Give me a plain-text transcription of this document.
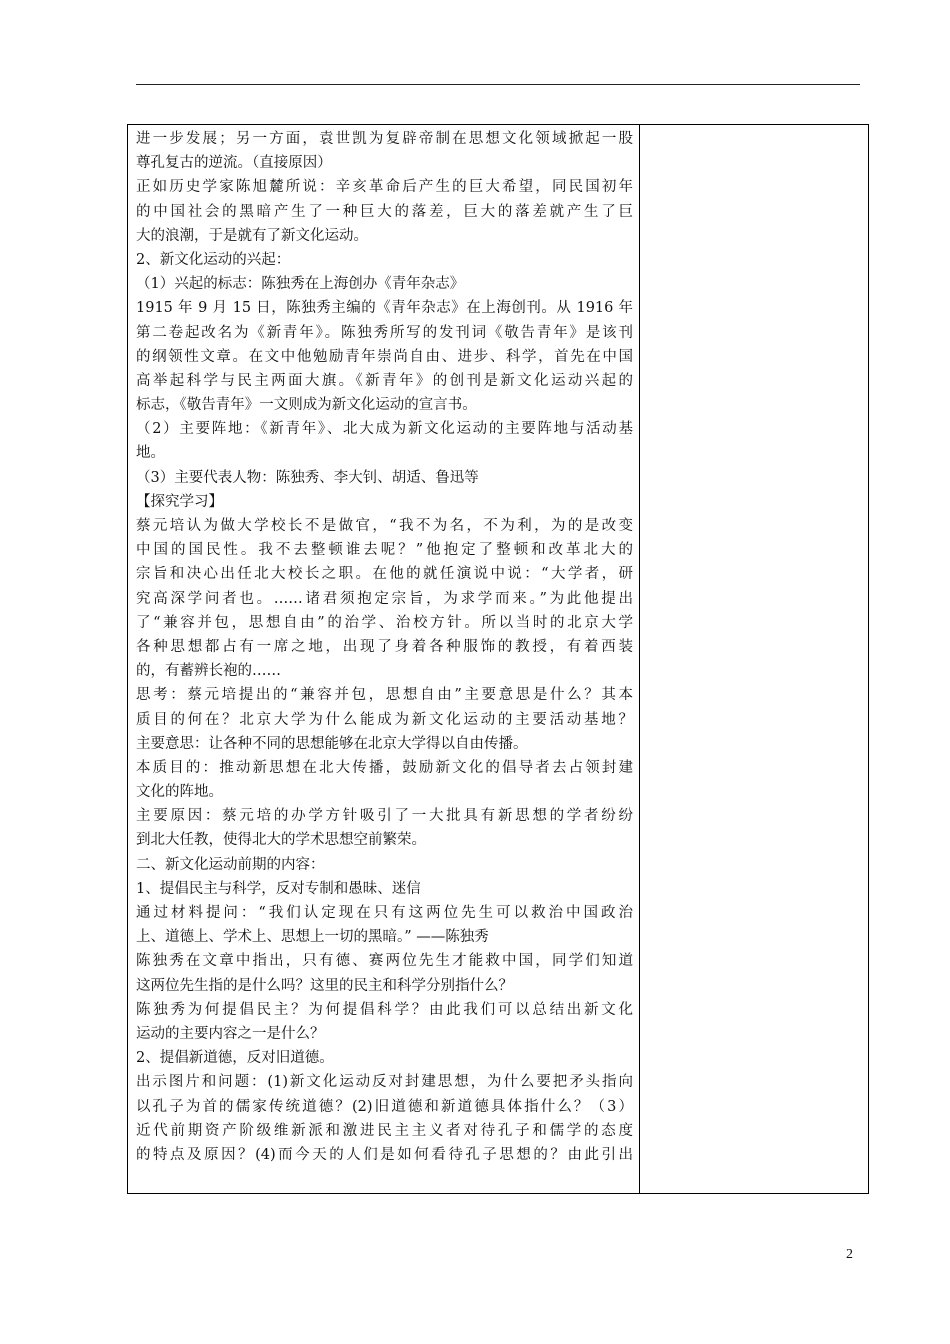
进一步发展；另一方面，袁世凯为复辟帝制在思想文化领域掀起一股
尊孔复古的逆流。（直接原因）
正如历史学家陈旭麓所说：辛亥革命后产生的巨大希望，同民国初年
的中国社会的黑暗产生了一种巨大的落差，巨大的落差就产生了巨
大的浪潮，于是就有了新文化运动。
2、新文化运动的兴起：
（1）兴起的标志：陈独秀在上海创办《青年杂志》
1915 年 9 月 15 日，陈独秀主编的《青年杂志》在上海创刊。从 1916 年
第二卷起改名为《新青年》。陈独秀所写的发刊词《敬告青年》是该刊
的纲领性文章。在文中他勉励青年崇尚自由、进步、科学，首先在中国
高举起科学与民主两面大旗。《新青年》的创刊是新文化运动兴起的
标志，《敬告青年》一文则成为新文化运动的宣言书。
（2）主要阵地：《新青年》、北大成为新文化运动的主要阵地与活动基
地。
（3）主要代表人物：陈独秀、李大钊、胡适、鲁迅等
【探究学习】
蔡元培认为做大学校长不是做官，“我不为名，不为利，为的是改变
中国的国民性。我不去整顿谁去呢？”他抱定了整顿和改革北大的
宗旨和决心出任北大校长之职。在他的就任演说中说：“大学者，研
究高深学问者也。……诸君须抱定宗旨，为求学而来。”为此他提出
了“兼容并包，思想自由”的治学、治校方针。所以当时的北京大学
各种思想都占有一席之地，出现了身着各种服饰的教授，有着西装
的，有蓄辨长袍的……
思考：蔡元培提出的“兼容并包，思想自由”主要意思是什么？其本
质目的何在？北京大学为什么能成为新文化运动的主要活动基地？
主要意思：让各种不同的思想能够在北京大学得以自由传播。
本质目的：推动新思想在北大传播，鼓励新文化的倡导者去占领封建
文化的阵地。
主要原因：蔡元培的办学方针吸引了一大批具有新思想的学者纷纷
到北大任教，使得北大的学术思想空前繁荣。
二、新文化运动前期的内容：
1、提倡民主与科学，反对专制和愚昧、迷信
通过材料提问：“我们认定现在只有这两位先生可以救治中国政治
上、道德上、学术上、思想上一切的黑暗。” ——陈独秀
陈独秀在文章中指出，只有德、赛两位先生才能救中国，同学们知道
这两位先生指的是什么吗？这里的民主和科学分别指什么？
陈独秀为何提倡民主？为何提倡科学？由此我们可以总结出新文化
运动的主要内容之一是什么？
2、提倡新道德，反对旧道德。
出示图片和问题：(1)新文化运动反对封建思想，为什么要把矛头指向
以孔子为首的儒家传统道德？(2)旧道德和新道德具体指什么？（3）
近代前期资产阶级维新派和激进民主主义者对待孔子和儒学的态度
的特点及原因？(4)而今天的人们是如何看待孔子思想的？由此引出
2
